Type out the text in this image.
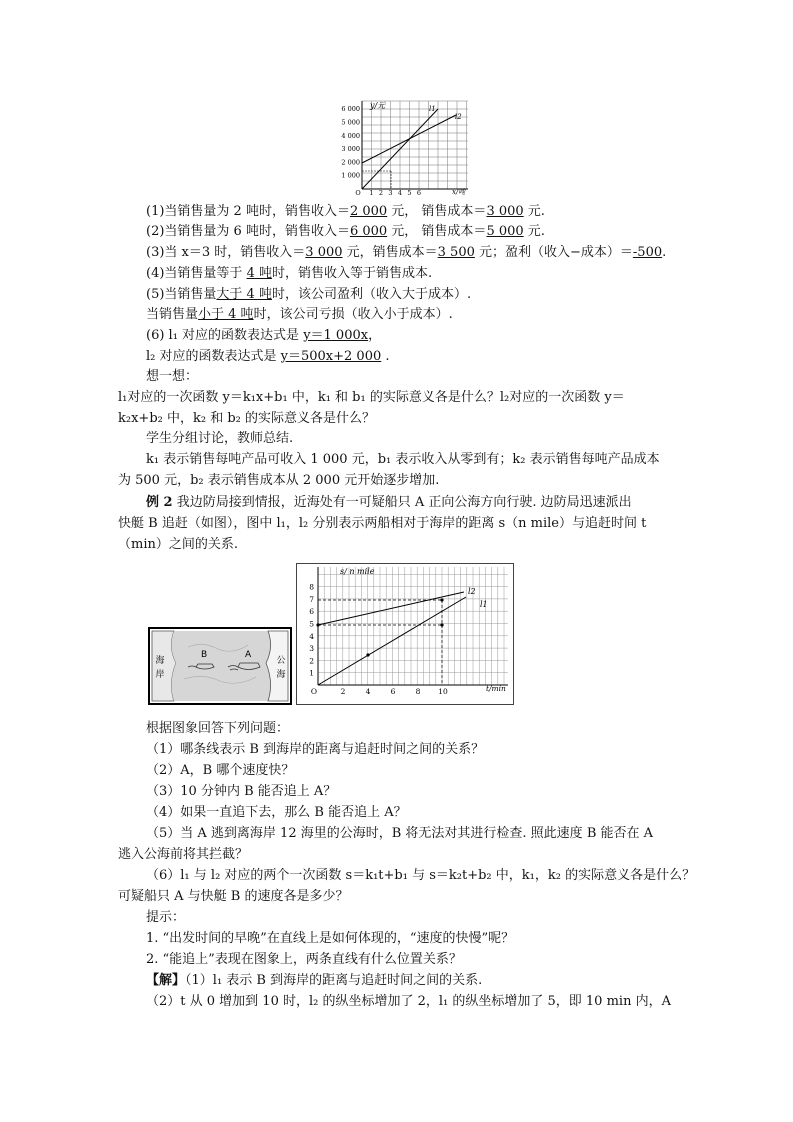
y/元
x/吨
l1
l2
6 000
5 000
4 000
3 000
2 000
1 000
O 1 2 3 4 5 6
海
岸
公
海
B	A
s/ n mile
t/min
l2
l1
8
7
6
5
4
3
2
1
O	2	4	6	8 10
(1)当销售量为 2 吨时，销售收入＝2 000 元， 销售成本＝3 000 元.
(2)当销售量为 6 吨时，销售收入＝6 000 元， 销售成本＝5 000 元.
(3)当 x＝3 时，销售收入＝3 000 元，销售成本＝3 500 元；盈利（收入−成本）＝-500.
(4)当销售量等于 4 吨时，销售收入等于销售成本.
(5)当销售量大于 4 吨时，该公司盈利（收入大于成本）.
当销售量小于 4 吨时，该公司亏损（收入小于成本）.
(6) l₁ 对应的函数表达式是 y＝1 000x，
l₂ 对应的函数表达式是 y＝500x+2 000 .
想一想：
l₁对应的一次函数 y＝k₁x+b₁ 中，k₁ 和 b₁ 的实际意义各是什么？l₂对应的一次函数 y＝
k₂x+b₂ 中，k₂ 和 b₂ 的实际意义各是什么？
学生分组讨论，教师总结.
k₁ 表示销售每吨产品可收入 1 000 元，b₁ 表示收入从零到有；k₂ 表示销售每吨产品成本
为 500 元，b₂ 表示销售成本从 2 000 元开始逐步增加.
例 2 我边防局接到情报，近海处有一可疑船只 A 正向公海方向行驶. 边防局迅速派出
快艇 B 追赶（如图），图中 l₁，l₂ 分别表示两船相对于海岸的距离 s（n mile）与追赶时间 t
（min）之间的关系.
根据图象回答下列问题：
（1）哪条线表示 B 到海岸的距离与追赶时间之间的关系？
（2）A，B 哪个速度快？
（3）10 分钟内 B 能否追上 A？
（4）如果一直追下去，那么 B 能否追上 A？
（5）当 A 逃到离海岸 12 海里的公海时，B 将无法对其进行检查. 照此速度 B 能否在 A
逃入公海前将其拦截？
（6）l₁ 与 l₂ 对应的两个一次函数 s＝k₁t+b₁ 与 s＝k₂t+b₂ 中，k₁，k₂ 的实际意义各是什么？
可疑船只 A 与快艇 B 的速度各是多少？
提示：
1. “出发时间的早晚”在直线上是如何体现的，“速度的快慢”呢？
2. “能追上”表现在图象上，两条直线有什么位置关系？
【解】（1）l₁ 表示 B 到海岸的距离与追赶时间之间的关系.
（2）t 从 0 增加到 10 时，l₂ 的纵坐标增加了 2，l₁ 的纵坐标增加了 5，即 10 min 内，A
